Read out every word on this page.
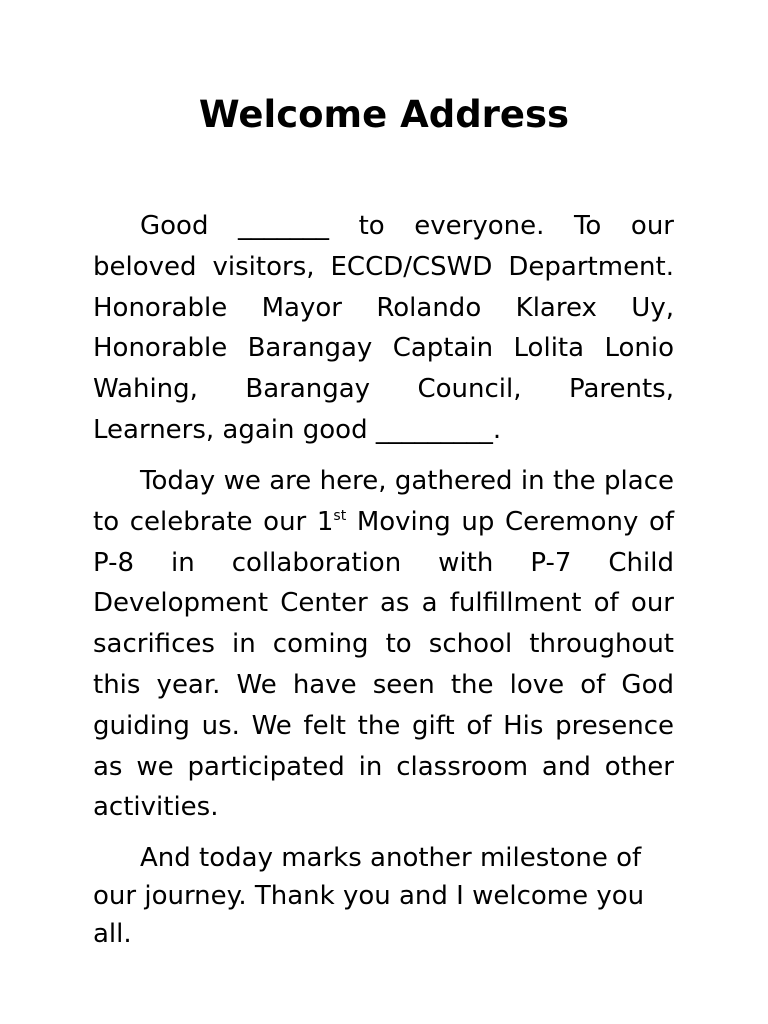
Welcome Address

Good _______ to everyone. To our beloved visitors, ECCD/CSWD Department. Honorable Mayor Rolando Klarex Uy, Honorable Barangay Captain Lolita Lonio Wahing, Barangay Council, Parents, Learners, again good _________.

Today we are here, gathered in the place to celebrate our 1st Moving up Ceremony of P-8 in collaboration with P-7 Child Development Center as a fulfillment of our sacrifices in coming to school throughout this year. We have seen the love of God guiding us. We felt the gift of His presence as we participated in classroom and other activities.

And today marks another milestone of our journey. Thank you and I welcome you all.
